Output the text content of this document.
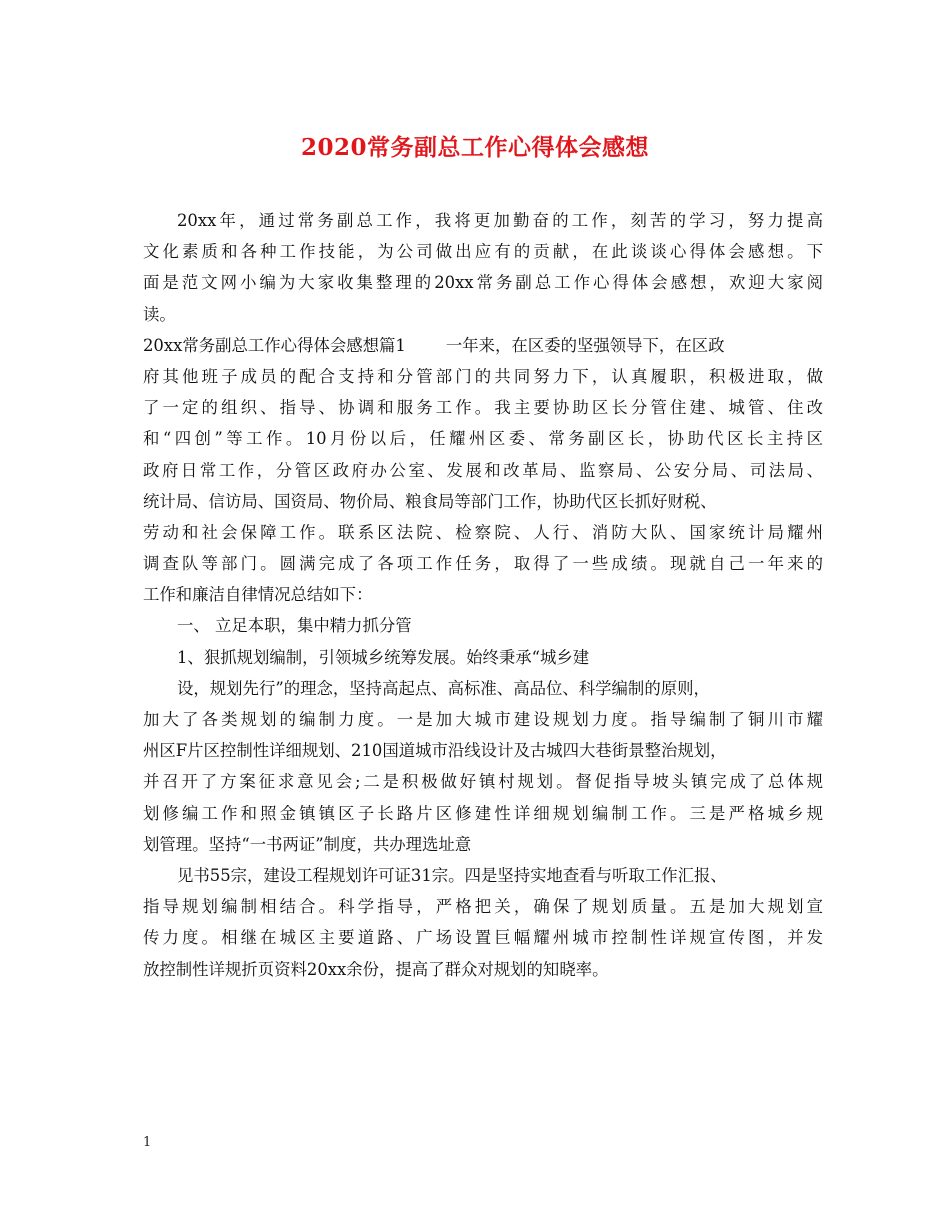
2020常务副总工作心得体会感想
20xx年，通过常务副总工作，我将更加勤奋的工作，刻苦的学习，努力提高
文化素质和各种工作技能，为公司做出应有的贡献，在此谈谈心得体会感想。下
面是范文网小编为大家收集整理的20xx常务副总工作心得体会感想，欢迎大家阅
读。
20xx常务副总工作心得体会感想篇1 一年来，在区委的坚强领导下，在区政
府其他班子成员的配合支持和分管部门的共同努力下，认真履职，积极进取，做
了一定的组织、指导、协调和服务工作。我主要协助区长分管住建、城管、住改
和“四创”等工作。10月份以后，任耀州区委、常务副区长，协助代区长主持区
政府日常工作，分管区政府办公室、发展和改革局、监察局、公安分局、司法局、
统计局、信访局、国资局、物价局、粮食局等部门工作，协助代区长抓好财税、
劳动和社会保障工作。联系区法院、检察院、人行、消防大队、国家统计局耀州
调查队等部门。圆满完成了各项工作任务，取得了一些成绩。现就自己一年来的
工作和廉洁自律情况总结如下：
一、 立足本职，集中精力抓分管
1、狠抓规划编制，引领城乡统筹发展。始终秉承“城乡建
设，规划先行”的理念，坚持高起点、高标准、高品位、科学编制的原则，
加大了各类规划的编制力度。一是加大城市建设规划力度。指导编制了铜川市耀
州区F片区控制性详细规划、210国道城市沿线设计及古城四大巷街景整治规划，
并召开了方案征求意见会;二是积极做好镇村规划。督促指导坡头镇完成了总体规
划修编工作和照金镇镇区子长路片区修建性详细规划编制工作。三是严格城乡规
划管理。坚持“一书两证”制度，共办理选址意
见书55宗，建设工程规划许可证31宗。四是坚持实地查看与听取工作汇报、
指导规划编制相结合。科学指导，严格把关，确保了规划质量。五是加大规划宣
传力度。相继在城区主要道路、广场设置巨幅耀州城市控制性详规宣传图，并发
放控制性详规折页资料20xx余份，提高了群众对规划的知晓率。
1
